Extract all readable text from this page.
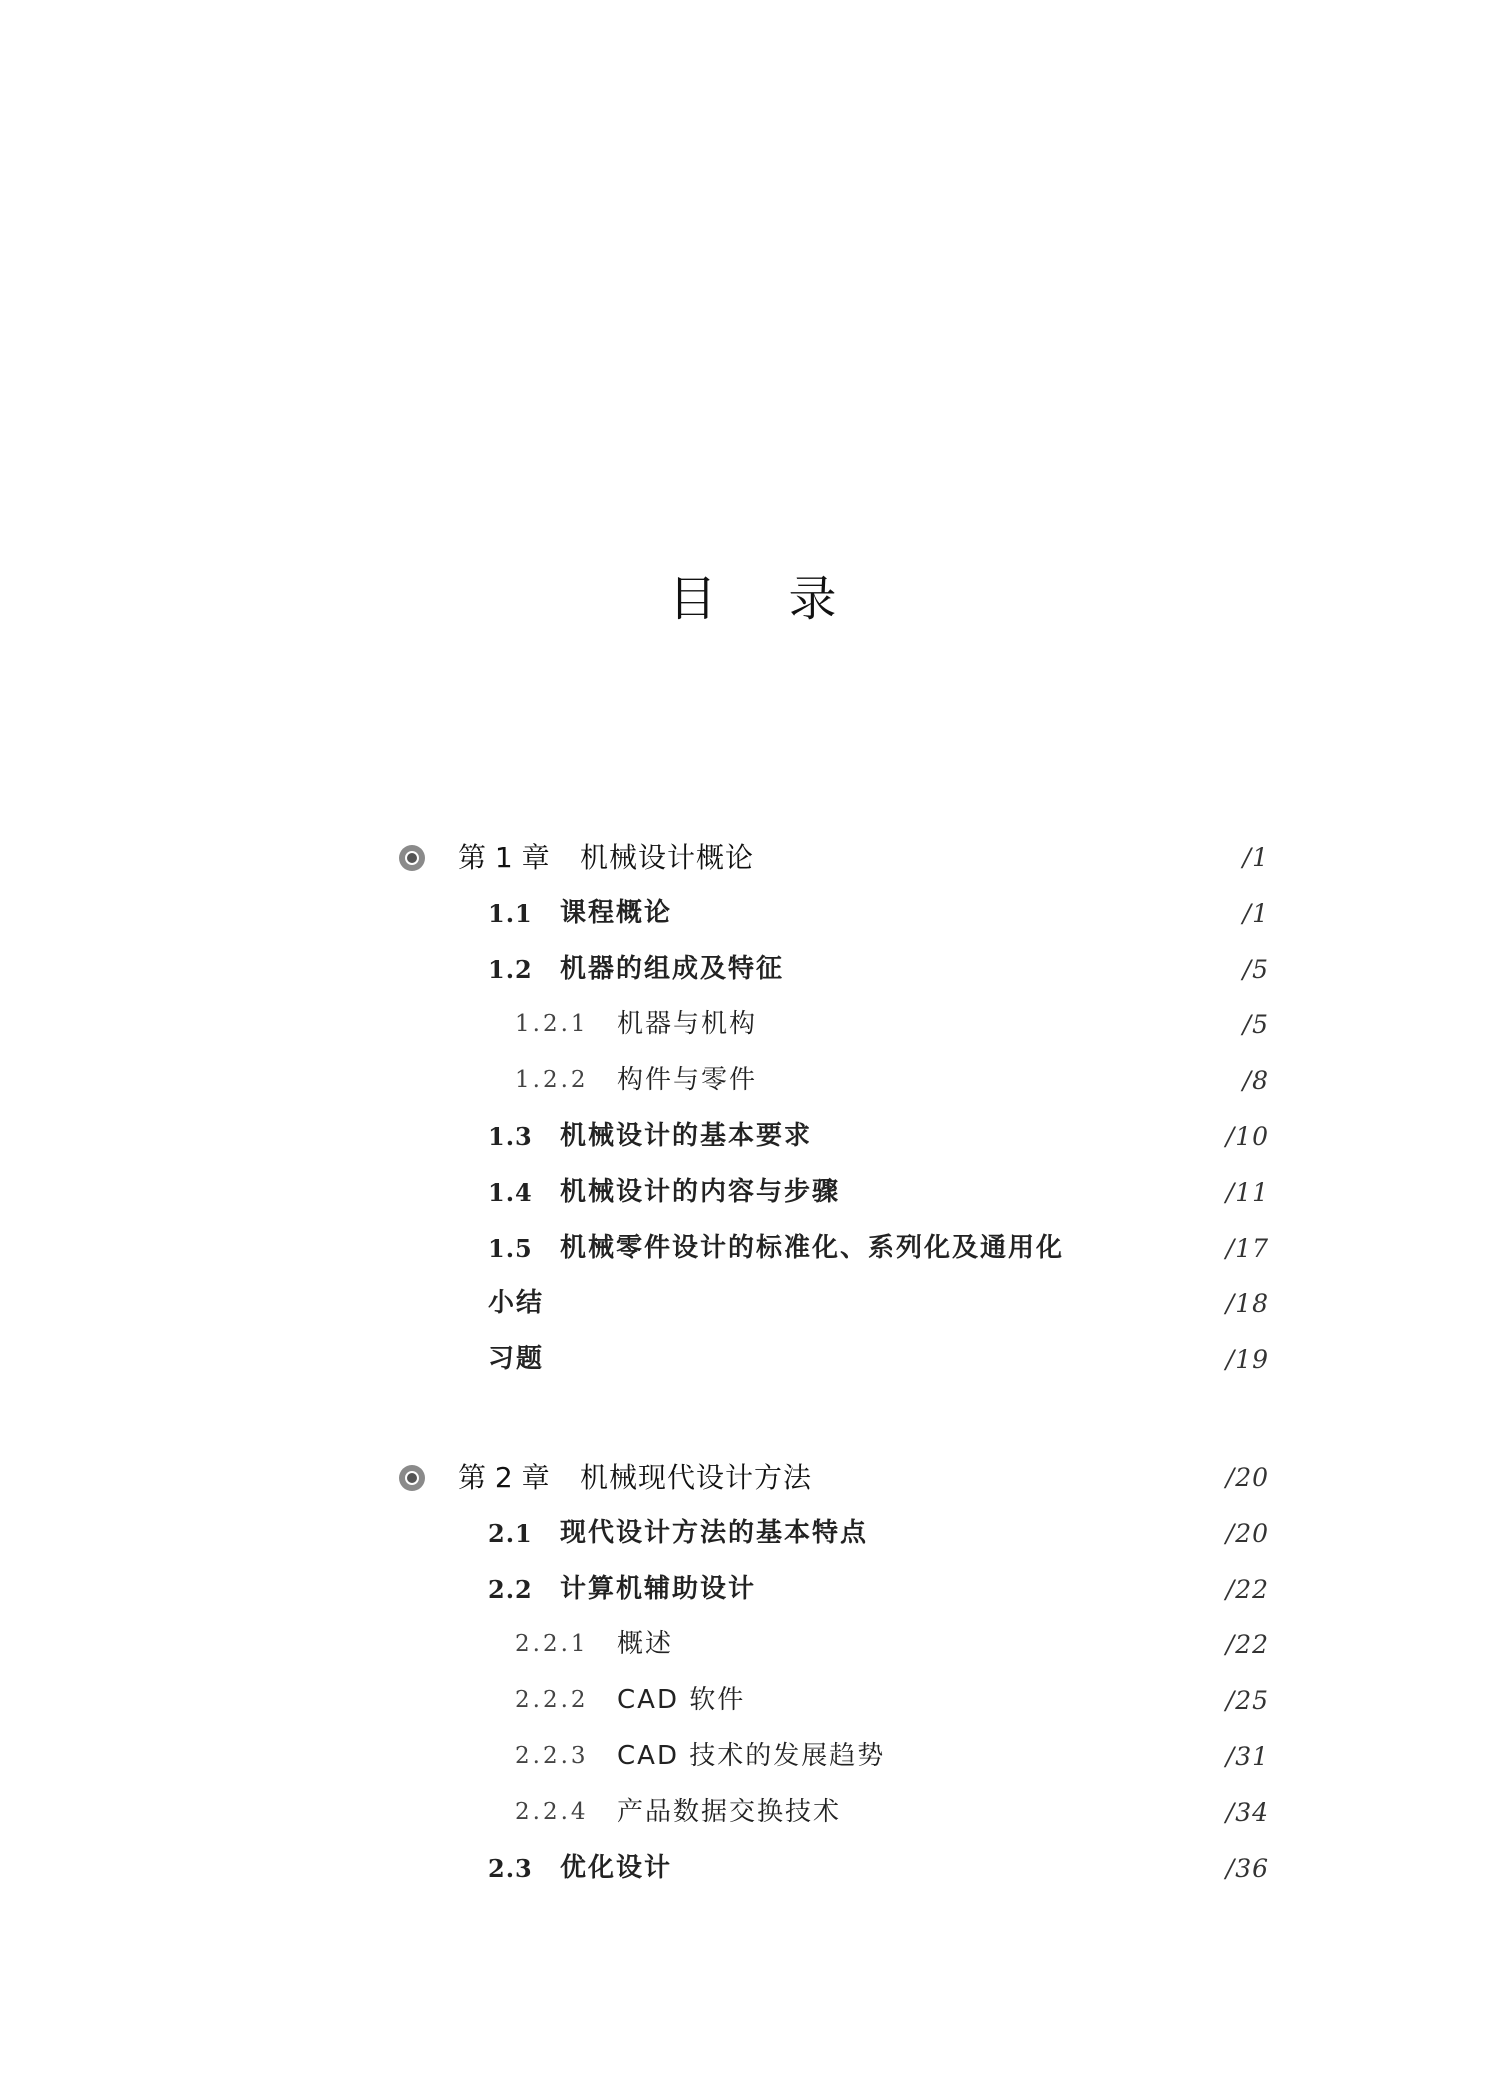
目 录
第 1 章 机械设计概论	/1
1.1 课程概论	/1
1.2 机器的组成及特征	/5
1.2.1 机器与机构	/5
1.2.2 构件与零件	/8
1.3 机械设计的基本要求	/10
1.4 机械设计的内容与步骤	/11
1.5 机械零件设计的标准化、系列化及通用化	/17
小结	/18
习题	/19
第 2 章 机械现代设计方法	/20
2.1 现代设计方法的基本特点	/20
2.2 计算机辅助设计	/22
2.2.1 概述	/22
2.2.2 CAD 软件	/25
2.2.3 CAD 技术的发展趋势	/31
2.2.4 产品数据交换技术	/34
2.3 优化设计	/36
